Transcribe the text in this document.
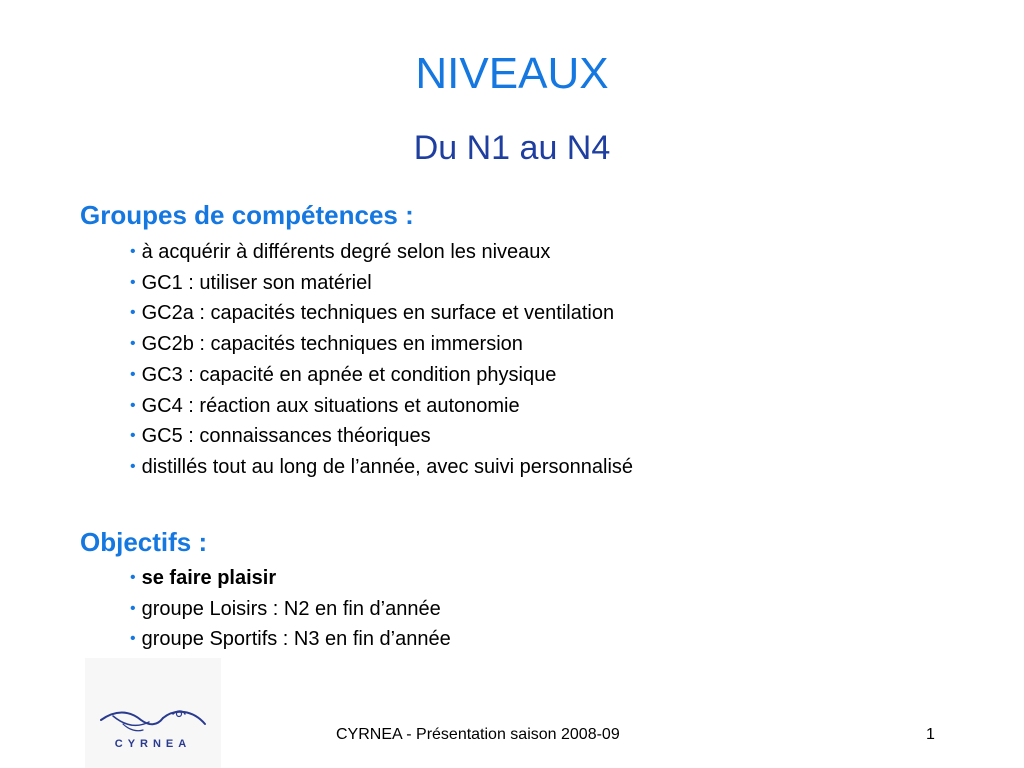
NIVEAUX
Du N1 au N4
Groupes de compétences :
• à acquérir à différents degré selon les niveaux
• GC1 : utiliser son matériel
• GC2a : capacités techniques en surface et ventilation
• GC2b : capacités techniques en immersion
• GC3 : capacité en apnée et condition physique
• GC4 : réaction aux situations et autonomie
• GC5 : connaissances théoriques
• distillés tout au long de l’année, avec suivi personnalisé
Objectifs :
• se faire plaisir
• groupe Loisirs : N2 en fin d’année
• groupe Sportifs : N3 en fin d’année
CYRNEA
CYRNEA - Présentation saison 2008-09	1
